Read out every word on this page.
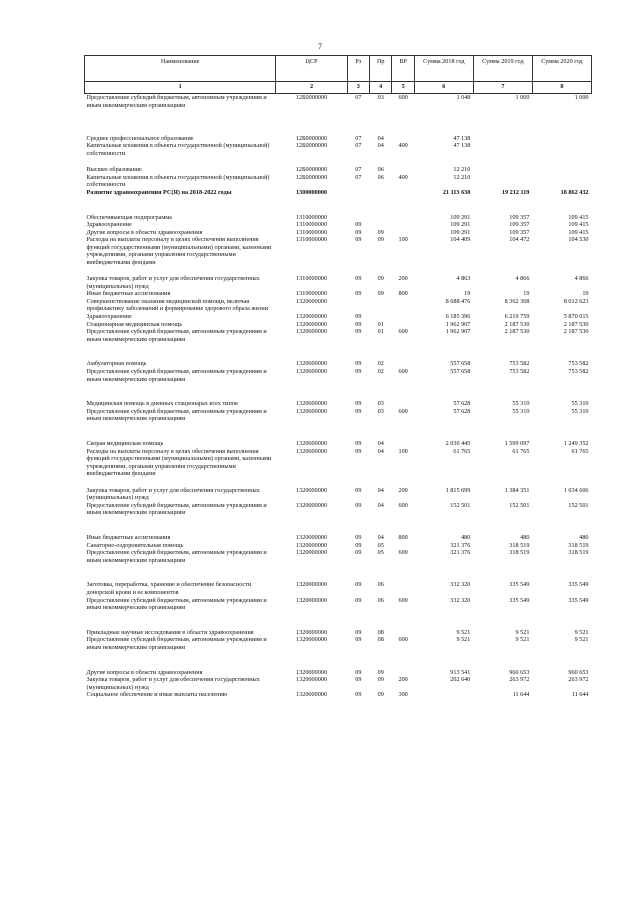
7
Наименование	ЦСР	Рз	Пр	ВР	Сумма 2018 год	Сумма 2019 год	Сумма 2020 год
1	2	3	4	5	6	7	8
Предоставление субсидий бюджетным, автономным учреждениям и иным некоммерческим организациям	12Б0000000	07	03	600	1 048	1 000	1 000

Среднее профессиональное образование	12Б0000000	07	04		47 138		
Капитальные вложения в объекты государственной (муниципальной) собственности	12Б0000000	07	04	400	47 138		

Высшее образование	12Б0000000	07	06		12 210		
Капитальные вложения в объекты государственной (муниципальной) собственности	12Б0000000	07	06	400	12 210		
Развитие здравоохранения РС(Я) на 2018-2022 годы	1300000000				21 113 630	19 212 119	18 862 432

Обеспечивающая подпрограмма	1310000000				109 291	109 357	109 415
Здравоохранение	1310000000	09			109 291	109 357	109 415
Другие вопросы в области здравоохранения	1310000000	09	09		109 291	109 357	109 415
Расходы на выплаты персоналу в целях обеспечения выполнения функций государственными (муниципальными) органами, казенными учреждениями, органами управления государственными внебюджетными фондами	1310000000	09	09	100	104 409	104 472	104 530

Закупка товаров, работ и услуг для обеспечения государственных (муниципальных) нужд	1310000000	09	09	200	4 863	4 866	4 866
Иные бюджетные ассигнования	1310000000	09	09	800	19	19	19
Совершенствование оказания медицинской помощи, включая профилактику заболеваний и формирование здорового образа жизни	1320000000				8 688 476	8 362 368	8 012 623
Здравоохранение	1320000000	09			6 185 396	6 219 759	5 870 015
Стационарная медицинская помощь	1320000000	09	01		1 962 907	2 187 530	2 187 530
Предоставление субсидий бюджетным, автономным учреждениям и иным некоммерческим организациям	1320000000	09	01	600	1 962 907	2 187 530	2 187 530

Амбулаторная помощь	1320000000	09	02		557 658	753 582	753 582
Предоставление субсидий бюджетным, автономным учреждениям и иным некоммерческим организациям	1320000000	09	02	600	557 658	753 582	753 582

Медицинская помощь в дневных стационарах всех типов	1320000000	09	03		57 628	55 310	55 310
Предоставление субсидий бюджетным, автономным учреждениям и иным некоммерческим организациям	1320000000	09	03	600	57 628	55 310	55 310

Скорая медицинская помощь	1320000000	09	04		2 030 445	1 599 097	1 249 352
Расходы на выплаты персоналу в целях обеспечения выполнения функций государственными (муниципальными) органами, казенными учреждениями, органами управления государственными внебюджетными фондами	1320000000	09	04	100	61 765	61 765	61 765

Закупка товаров, работ и услуг для обеспечения государственных (муниципальных) нужд	1320000000	09	04	200	1 815 699	1 384 351	1 034 606
Предоставление субсидий бюджетным, автономным учреждениям и иным некоммерческим организациям	1320000000	09	04	600	152 501	152 501	152 501

Иные бюджетные ассигнования	1320000000	09	04	800	480	480	480
Санаторно-оздоровительная помощь	1320000000	09	05		321 376	318 519	318 519
Предоставление субсидий бюджетным, автономным учреждениям и иным некоммерческим организациям	1320000000	09	05	600	321 376	318 519	318 519

Заготовка, переработка, хранение и обеспечение безопасности донорской крови и ее компонентов	1320000000	09	06		332 320	335 549	335 549
Предоставление субсидий бюджетным, автономным учреждениям и иным некоммерческим организациям	1320000000	09	06	600	332 320	335 549	335 549

Прикладные научные исследования в области здравоохранения	1320000000	09	08		9 521	9 521	9 521
Предоставление субсидий бюджетным, автономным учреждениям и иным некоммерческим организациям	1320000000	09	08	600	9 521	9 521	9 521

Другие вопросы в области здравоохранения	1320000000	09	09		913 541	960 653	960 653
Закупка товаров, работ и услуг для обеспечения государственных (муниципальных) нужд	1320000000	09	09	200	202 640	263 972	263 972
Социальное обеспечение и иные выплаты населению	1320000000	09	09	300		11 644	11 644
